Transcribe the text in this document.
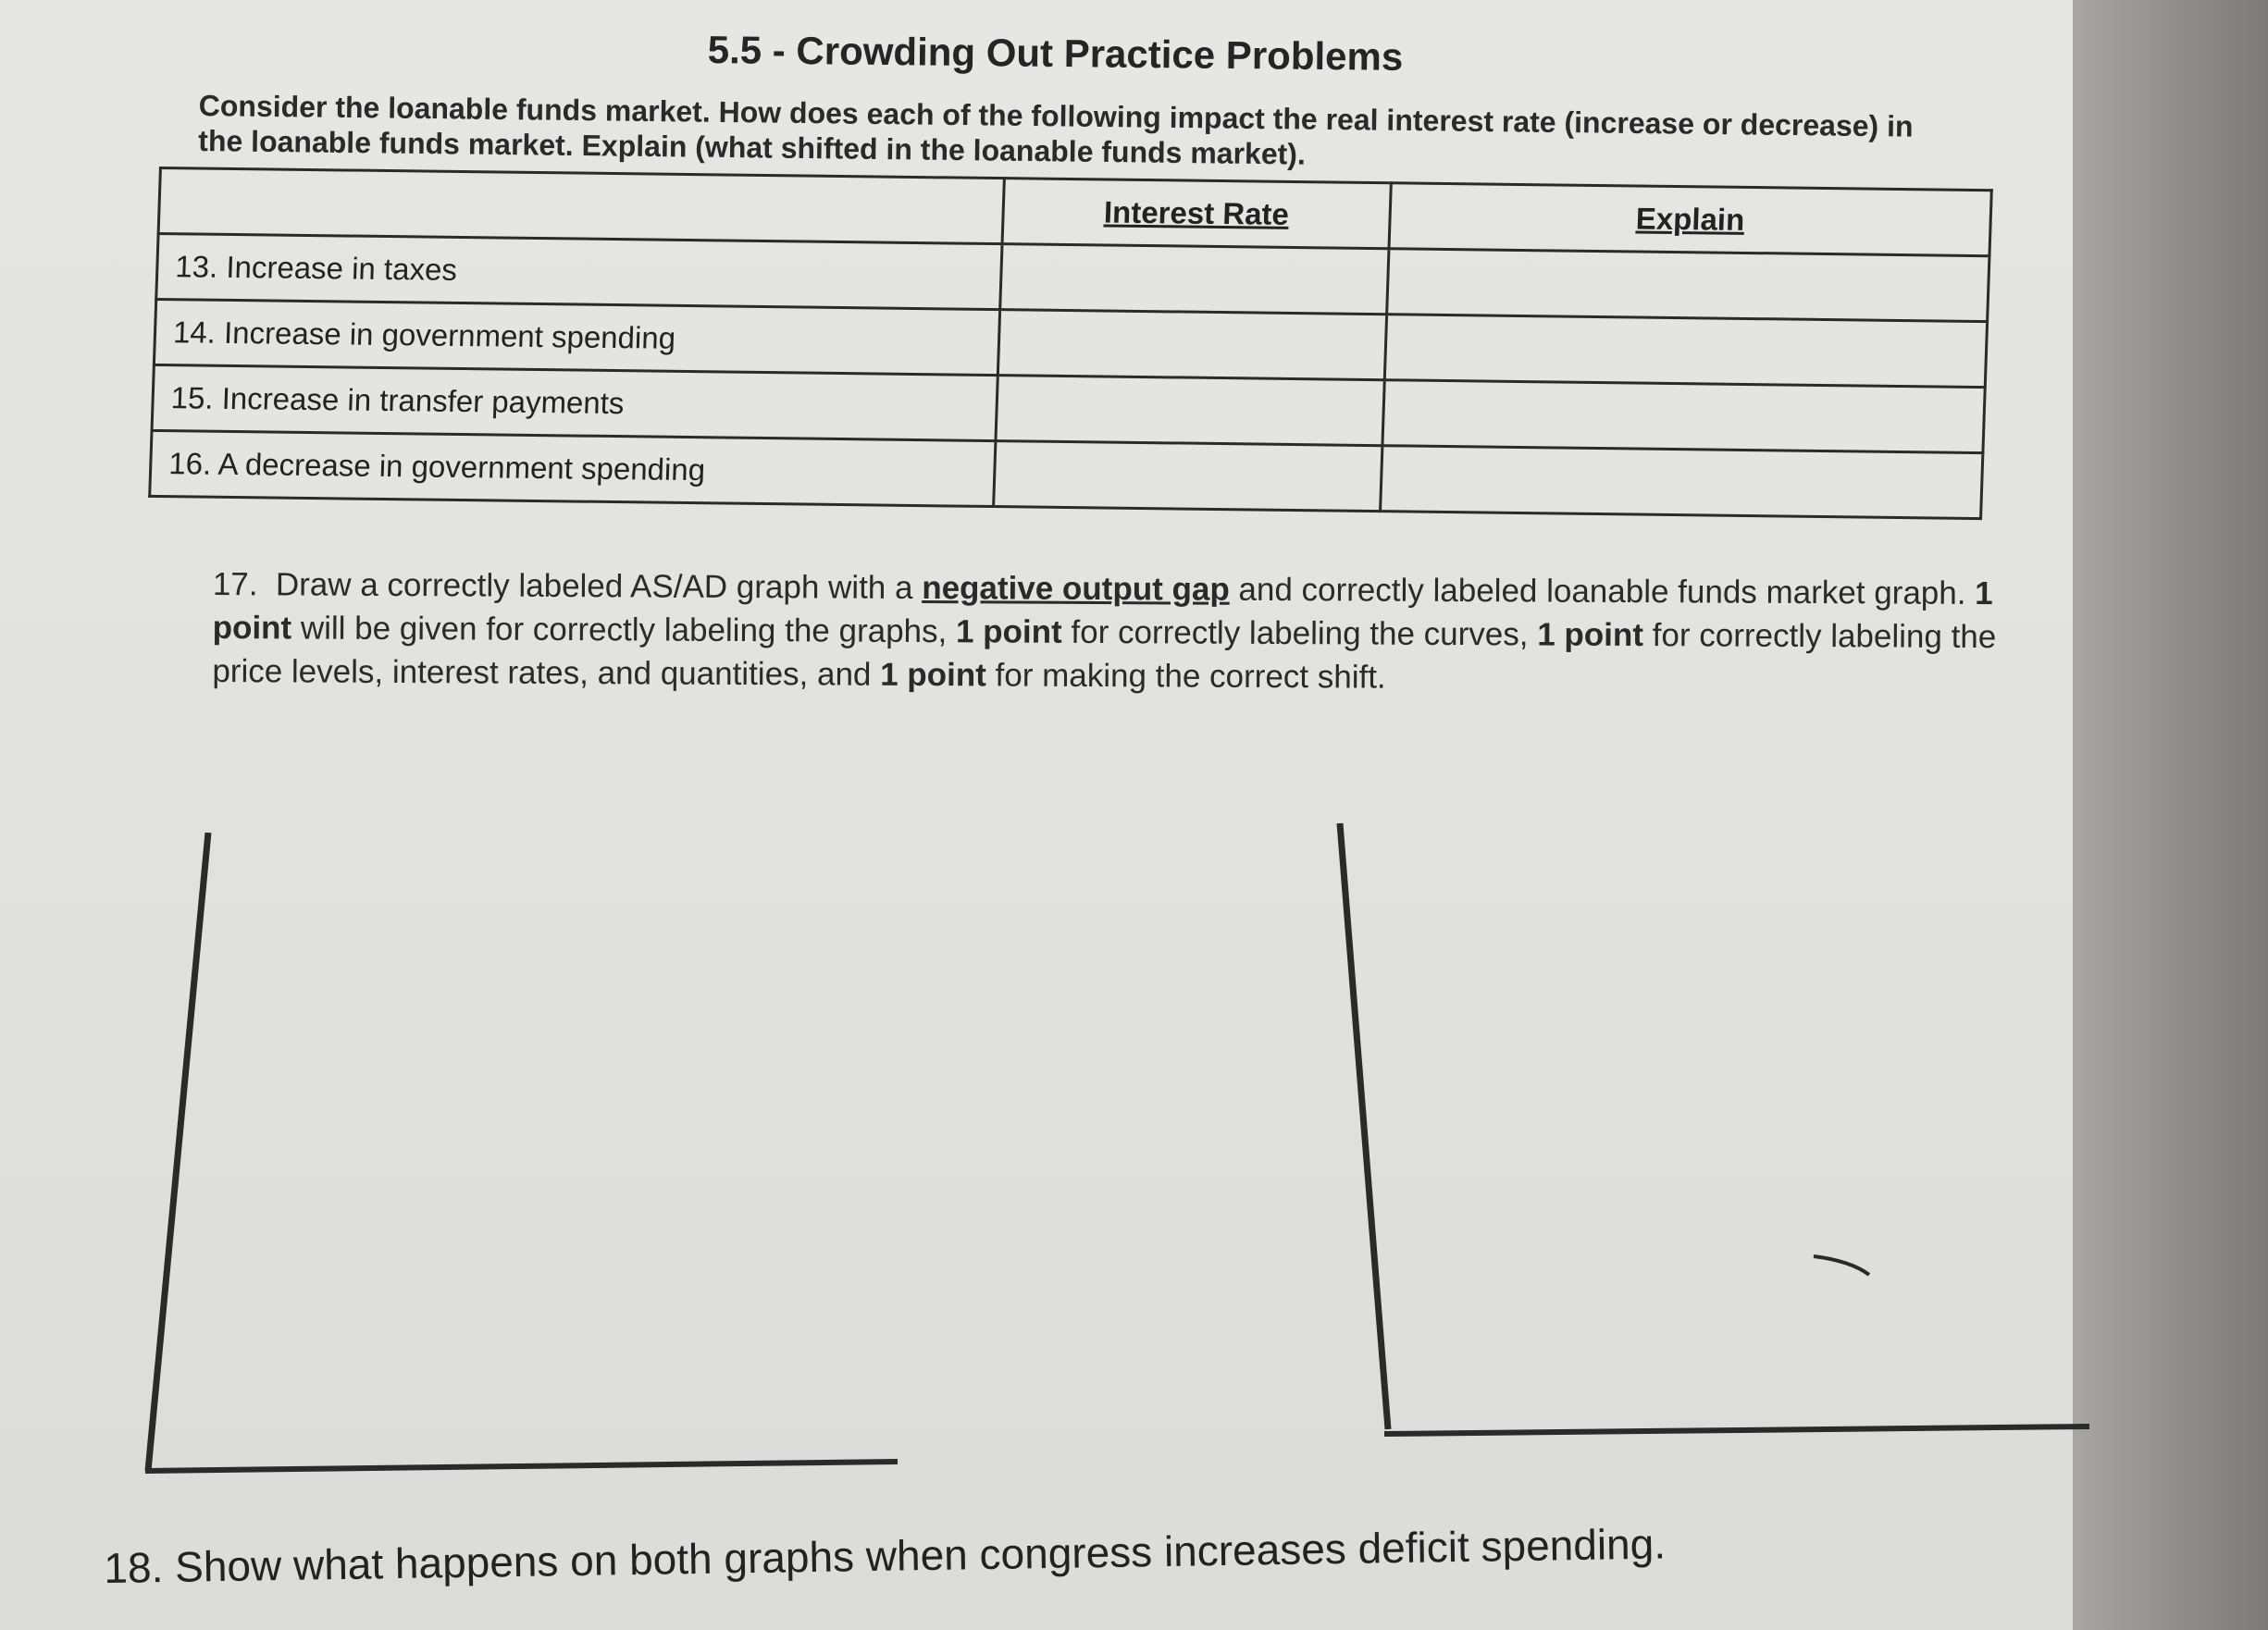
5.5 - Crowding Out Practice Problems
Consider the loanable funds market. How does each of the following impact the real interest rate (increase or decrease) in the loanable funds market. Explain (what shifted in the loanable funds market).
	Interest Rate	Explain
13. Increase in taxes		
14. Increase in government spending		
15. Increase in transfer payments		
16. A decrease in government spending		
17. Draw a correctly labeled AS/AD graph with a negative output gap and correctly labeled loanable funds market graph. 1 point will be given for correctly labeling the graphs, 1 point for correctly labeling the curves, 1 point for correctly labeling the price levels, interest rates, and quantities, and 1 point for making the correct shift.
18. Show what happens on both graphs when congress increases deficit spending.
